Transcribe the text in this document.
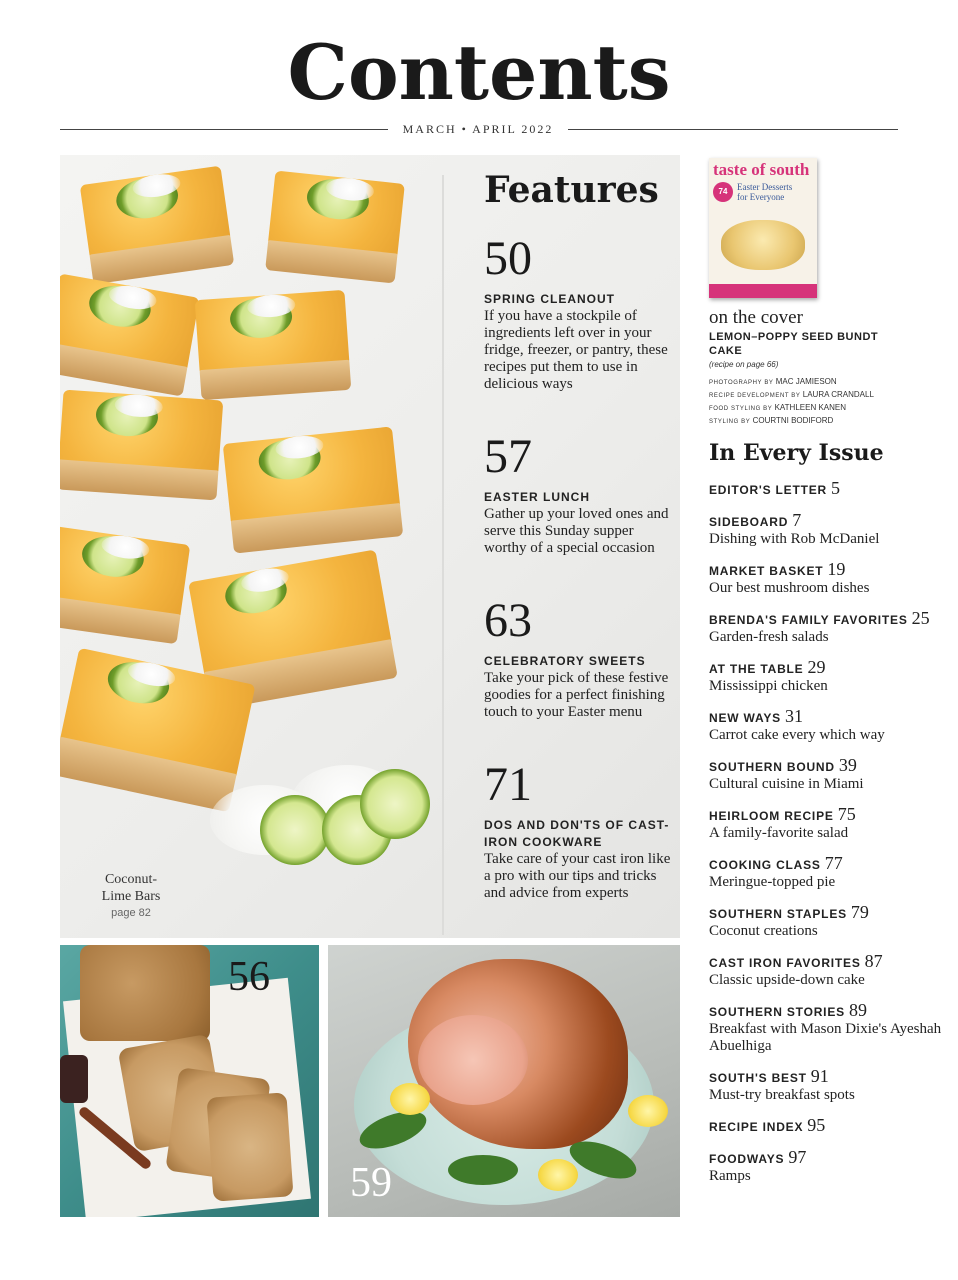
Contents
MARCH • APRIL 2022
Coconut-
Lime Bars
page 82
Features
50
SPRING CLEANOUT
If you have a stockpile of ingredients left over in your fridge, freezer, or pantry, these recipes put them to use in delicious ways
57
EASTER LUNCH
Gather up your loved ones and serve this Sunday supper worthy of a special occasion
63
CELEBRATORY SWEETS
Take your pick of these festive goodies for a perfect finishing touch to your Easter menu
71
DOS AND DON'TS OF CAST-IRON COOKWARE
Take care of your cast iron like a pro with our tips and tricks and advice from experts
56
59
taste of south
74	Easter Desserts for Everyone
on the cover
LEMON–POPPY SEED BUNDT CAKE
(recipe on page 66)
PHOTOGRAPHY BY MAC JAMIESON
RECIPE DEVELOPMENT BY LAURA CRANDALL
FOOD STYLING BY KATHLEEN KANEN
STYLING BY COURTNI BODIFORD
In Every Issue
EDITOR'S LETTER 5
SIDEBOARD 7
Dishing with Rob McDaniel
MARKET BASKET 19
Our best mushroom dishes
BRENDA'S FAMILY FAVORITES 25
Garden-fresh salads
AT THE TABLE 29
Mississippi chicken
NEW WAYS 31
Carrot cake every which way
SOUTHERN BOUND 39
Cultural cuisine in Miami
HEIRLOOM RECIPE 75
A family-favorite salad
COOKING CLASS 77
Meringue-topped pie
SOUTHERN STAPLES 79
Coconut creations
CAST IRON FAVORITES 87
Classic upside-down cake
SOUTHERN STORIES 89
Breakfast with Mason Dixie's Ayeshah Abuelhiga
SOUTH'S BEST 91
Must-try breakfast spots
RECIPE INDEX 95
FOODWAYS 97
Ramps
